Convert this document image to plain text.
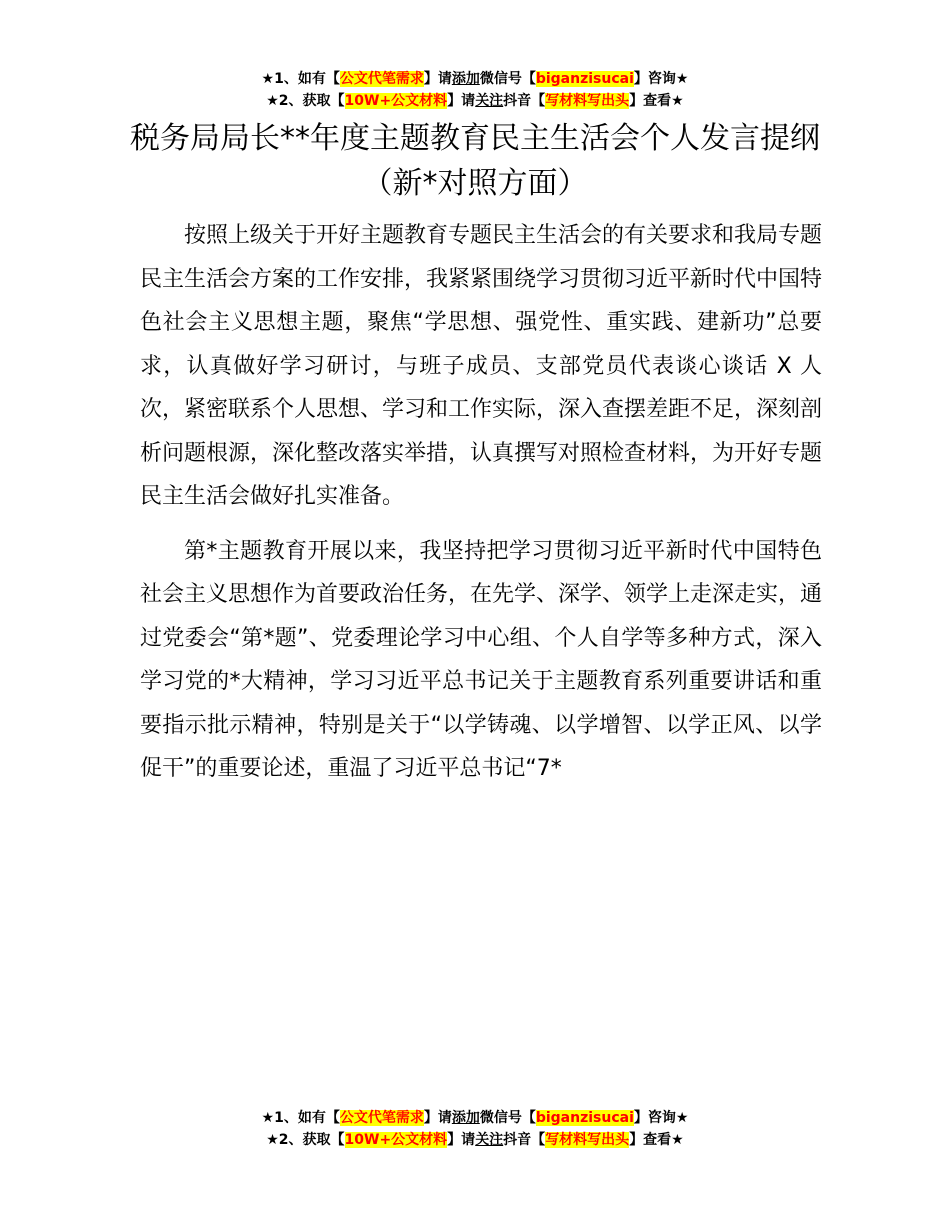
★1、如有【公文代笔需求】请添加微信号【biganzisucai】咨询★
★2、获取【10W+公文材料】请关注抖音【写材料写出头】查看★
税务局局长**年度主题教育民主生活会个人发言提纲（新*对照方面）

按照上级关于开好主题教育专题民主生活会的有关要求和我局专题民主生活会方案的工作安排，我紧紧围绕学习贯彻习近平新时代中国特色社会主义思想主题，聚焦“学思想、强党性、重实践、建新功”总要求，认真做好学习研讨，与班子成员、支部党员代表谈心谈话 X 人次，紧密联系个人思想、学习和工作实际，深入查摆差距不足，深刻剖析问题根源，深化整改落实举措，认真撰写对照检查材料，为开好专题民主生活会做好扎实准备。

第*主题教育开展以来，我坚持把学习贯彻习近平新时代中国特色社会主义思想作为首要政治任务，在先学、深学、领学上走深走实，通过党委会“第*题”、党委理论学习中心组、个人自学等多种方式，深入学习党的*大精神，学习习近平总书记关于主题教育系列重要讲话和重要指示批示精神，特别是关于“以学铸魂、以学增智、以学正风、以学促干”的重要论述，重温了习近平总书记“7*

★1、如有【公文代笔需求】请添加微信号【biganzisucai】咨询★
★2、获取【10W+公文材料】请关注抖音【写材料写出头】查看★
